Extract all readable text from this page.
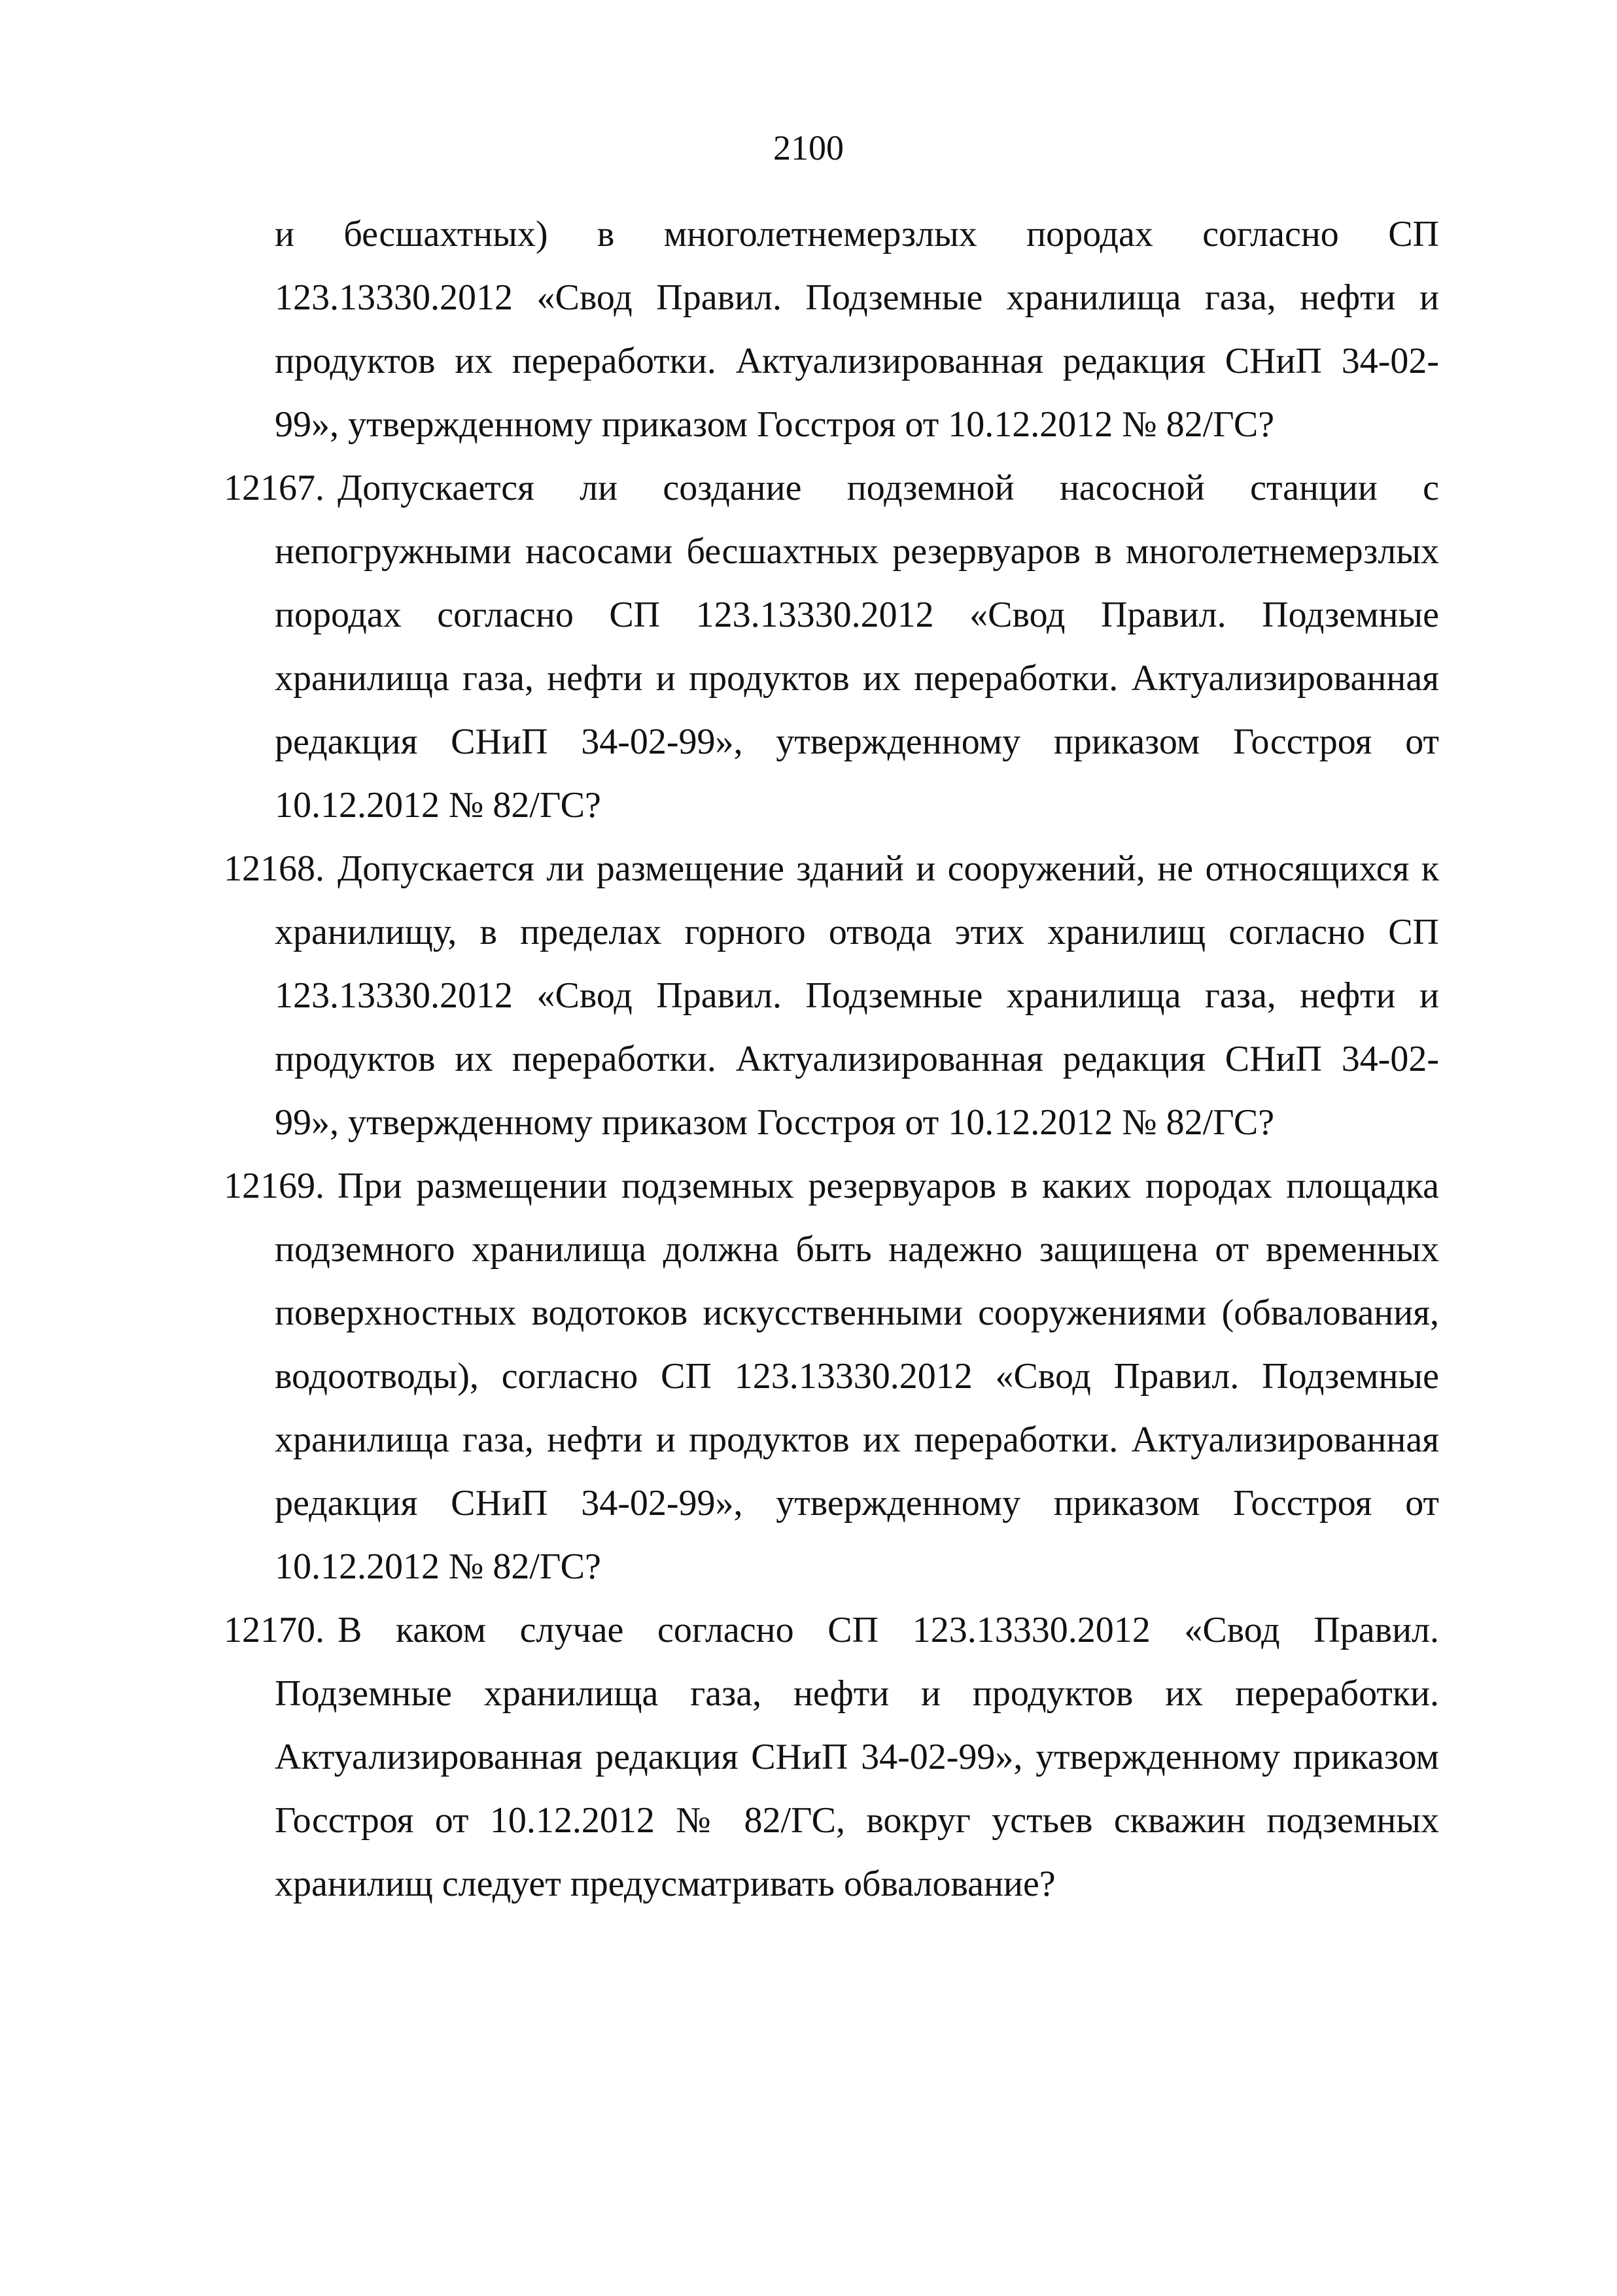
2100

и бесшахтных) в многолетнемерзлых породах согласно СП 123.13330.2012 «Свод Правил. Подземные хранилища газа, нефти и продуктов их переработки. Актуализированная редакция СНиП 34-02-99», утвержденному приказом Госстроя от 10.12.2012 № 82/ГС?

12167. Допускается ли создание подземной насосной станции с непогружными насосами бесшахтных резервуаров в многолетнемерзлых породах согласно СП 123.13330.2012 «Свод Правил. Подземные хранилища газа, нефти и продуктов их переработки. Актуализированная редакция СНиП 34-02-99», утвержденному приказом Госстроя от 10.12.2012 № 82/ГС?

12168. Допускается ли размещение зданий и сооружений, не относящихся к хранилищу, в пределах горного отвода этих хранилищ согласно СП 123.13330.2012 «Свод Правил. Подземные хранилища газа, нефти и продуктов их переработки. Актуализированная редакция СНиП 34-02-99», утвержденному приказом Госстроя от 10.12.2012 № 82/ГС?

12169. При размещении подземных резервуаров в каких породах площадка подземного хранилища должна быть надежно защищена от временных поверхностных водотоков искусственными сооружениями (обвалования, водоотводы), согласно СП 123.13330.2012 «Свод Правил. Подземные хранилища газа, нефти и продуктов их переработки. Актуализированная редакция СНиП 34-02-99», утвержденному приказом Госстроя от 10.12.2012 № 82/ГС?

12170. В каком случае согласно СП 123.13330.2012 «Свод Правил. Подземные хранилища газа, нефти и продуктов их переработки. Актуализированная редакция СНиП 34-02-99», утвержденному приказом Госстроя от 10.12.2012 № 82/ГС, вокруг устьев скважин подземных хранилищ следует предусматривать обвалование?
